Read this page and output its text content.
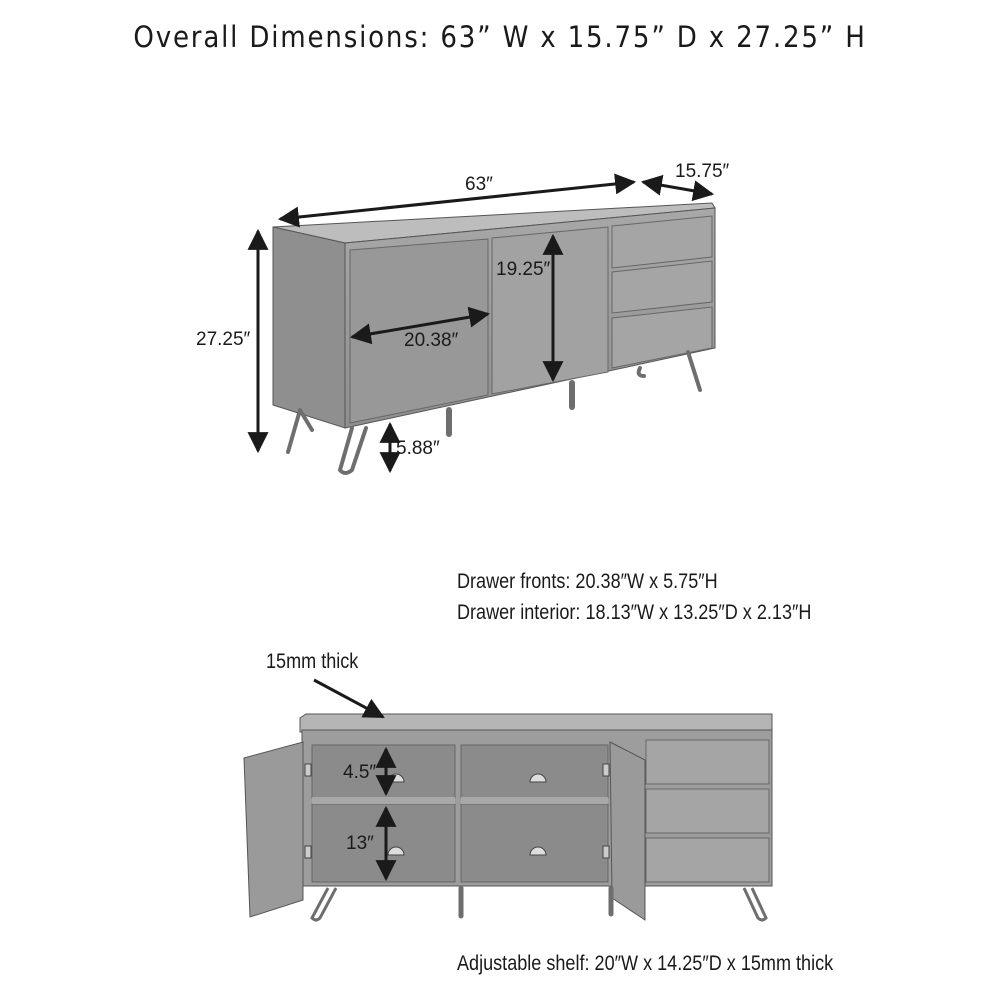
Overall Dimensions: 63” W x 15.75” D x 27.25” H
63″
15.75″
27.25″
19.25″
20.38″
5.88″
4.5″
13″
Drawer fronts: 20.38″W x 5.75″H
Drawer interior: 18.13″W x 13.25″D x 2.13″H
15mm thick
Adjustable shelf: 20″W x 14.25″D x 15mm thick
